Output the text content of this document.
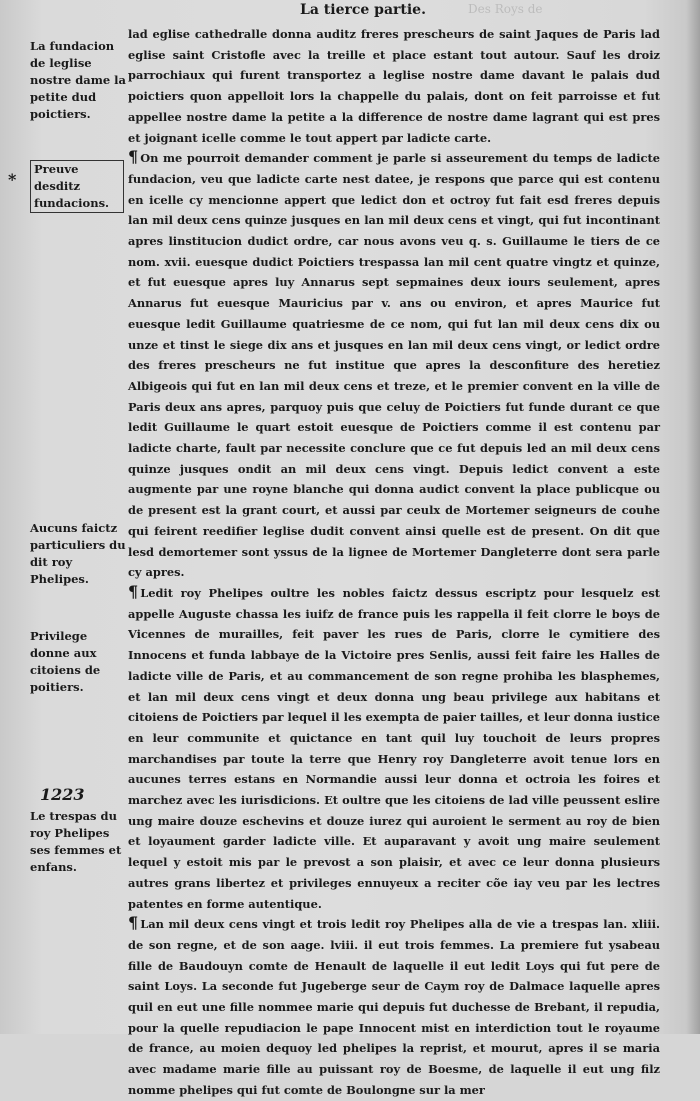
La tierce partie.	Des Roys de
La fundacion de leglise nostre dame la petite dud poictiers.
Preuve desditz fundacions.
Aucuns faictz particuliers du dit roy Phelipes.
Privilege donne aux citoiens de poitiers.
Le trespas du roy Phelipes ses femmes et enfans.
*
1223

lad eglise cathedralle donna auditz freres prescheurs de saint Jaques de Paris lad eglise saint Cristofle avec la treille et place estant tout autour. Sauf les droiz parrochiaux qui furent transportez a leglise nostre dame davant le palais dud poictiers quon appelloit lors la chappelle du palais, dont on feit parroisse et fut appellee nostre dame la petite a la difference de nostre dame lagrant qui est pres et joignant icelle comme le tout appert par ladicte carte.

¶ On me pourroit demander comment je parle si asseurement du temps de ladicte fundacion, veu que ladicte carte nest datee, je respons que parce qui est contenu en icelle cy mencionne appert que ledict don et octroy fut fait esd freres depuis lan mil deux cens quinze jusques en lan mil deux cens et vingt, qui fut incontinant apres linstitucion dudict ordre, car nous avons veu q. s. Guillaume le tiers de ce nom. xvii. euesque dudict Poictiers trespassa lan mil cent quatre vingtz et quinze, et fut euesque apres luy Annarus sept sepmaines deux iours seulement, apres Annarus fut euesque Mauricius par v. ans ou environ, et apres Maurice fut euesque ledit Guillaume quatriesme de ce nom, qui fut lan mil deux cens dix ou unze et tinst le siege dix ans et jusques en lan mil deux cens vingt, or ledict ordre des freres prescheurs ne fut institue que apres la desconfiture des heretiez Albigeois qui fut en lan mil deux cens et treze, et le premier convent en la ville de Paris deux ans apres, parquoy puis que celuy de Poictiers fut funde durant ce que ledit Guillaume le quart estoit euesque de Poictiers comme il est contenu par ladicte charte, fault par necessite conclure que ce fut depuis led an mil deux cens quinze jusques ondit an mil deux cens vingt. Depuis ledict convent a este augmente par une royne blanche qui donna audict convent la place publicque ou de present est la grant court, et aussi par ceulx de Mortemer seigneurs de couhe qui feirent reedifier leglise dudit convent ainsi quelle est de present. On dit que lesd demortemer sont yssus de la lignee de Mortemer Dangleterre dont sera parle cy apres.

¶ Ledit roy Phelipes oultre les nobles faictz dessus escriptz pour lesquelz est appelle Auguste chassa les iuifz de france puis les rappella il feit clorre le boys de Vicennes de murailles, feit paver les rues de Paris, clorre le cymitiere des Innocens et funda labbaye de la Victoire pres Senlis, aussi feit faire les Halles de ladicte ville de Paris, et au commancement de son regne prohiba les blasphemes, et lan mil deux cens vingt et deux donna ung beau privilege aux habitans et citoiens de Poictiers par lequel il les exempta de paier tailles, et leur donna iustice en leur communite et quictance en tant quil luy touchoit de leurs propres marchandises par toute la terre que Henry roy Dangleterre avoit tenue lors en aucunes terres estans en Normandie aussi leur donna et octroia les foires et marchez avec les iurisdicions. Et oultre que les citoiens de lad ville peussent eslire ung maire douze eschevins et douze iurez qui auroient le serment au roy de bien et loyaument garder ladicte ville. Et auparavant y avoit ung maire seulement lequel y estoit mis par le prevost a son plaisir, et avec ce leur donna plusieurs autres grans libertez et privileges ennuyeux a reciter cõe iay veu par les lectres patentes en forme autentique.

¶ Lan mil deux cens vingt et trois ledit roy Phelipes alla de vie a trespas lan. xliii. de son regne, et de son aage. lviii. il eut trois femmes. La premiere fut ysabeau fille de Baudouyn comte de Henault de laquelle il eut ledit Loys qui fut pere de saint Loys. La seconde fut Jugeberge seur de Caym roy de Dalmace laquelle apres quil en eut une fille nommee marie qui depuis fut duchesse de Brebant, il repudia, pour la quelle repudiacion le pape Innocent mist en interdiction tout le royaume de france, au moien dequoy led phelipes la reprist, et mourut, apres il se maria avec madame marie fille au puissant roy de Boesme, de laquelle il eut ung filz nomme phelipes qui fut comte de Boulongne sur la mer
